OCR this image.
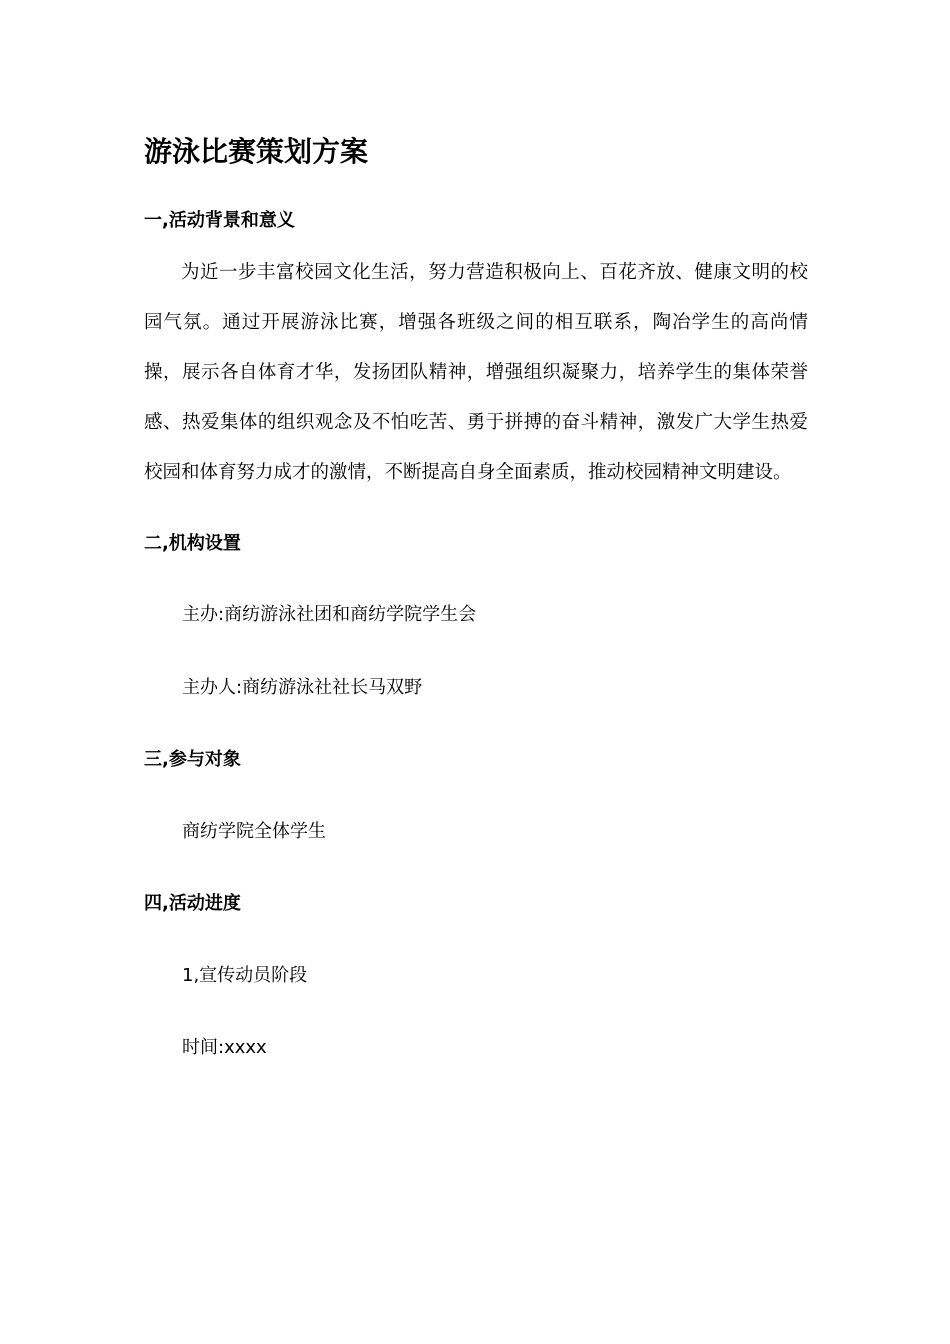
游泳比赛策划方案
一,活动背景和意义

为近一步丰富校园文化生活，努力营造积极向上、百花齐放、健康文明的校园气氛。通过开展游泳比赛，增强各班级之间的相互联系，陶冶学生的高尚情操，展示各自体育才华，发扬团队精神，增强组织凝聚力，培养学生的集体荣誉感、热爱集体的组织观念及不怕吃苦、勇于拼搏的奋斗精神，激发广大学生热爱校园和体育努力成才的激情，不断提高自身全面素质，推动校园精神文明建设。

二,机构设置

主办:商纺游泳社团和商纺学院学生会

主办人:商纺游泳社社长马双野

三,参与对象

商纺学院全体学生

四,活动进度

1,宣传动员阶段

时间:xxxx
